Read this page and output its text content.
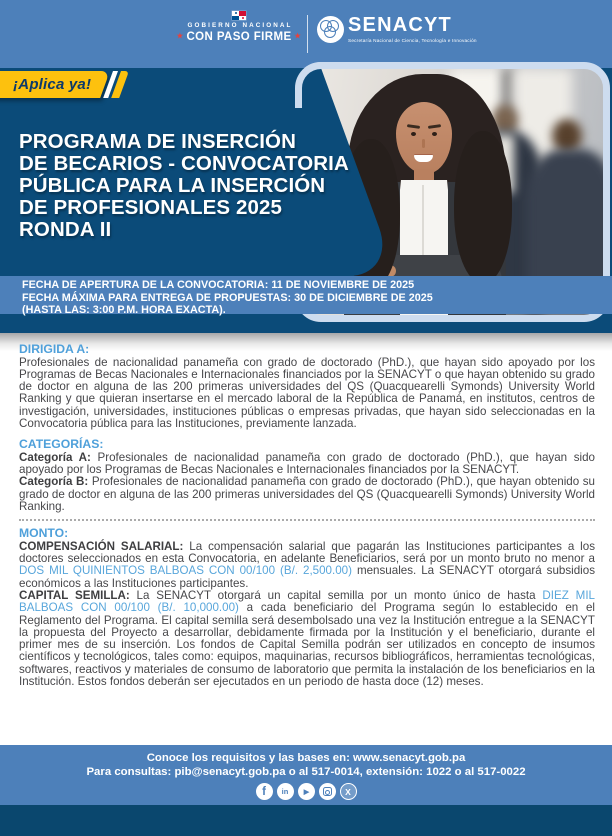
GOBIERNO NACIONAL
★ CON PASO FIRME ★
SENACYT
Secretaría Nacional de Ciencia, Tecnología e Innovación
¡Aplica ya!
PROGRAMA DE INSERCIÓN
DE BECARIOS - CONVOCATORIA
PÚBLICA PARA LA INSERCIÓN
DE PROFESIONALES 2025
RONDA II
FECHA DE APERTURA DE LA CONVOCATORIA: 11 DE NOVIEMBRE DE 2025
FECHA MÁXIMA PARA ENTREGA DE PROPUESTAS: 30 DE DICIEMBRE DE 2025
(HASTA LAS: 3:00 P.M. HORA EXACTA).
DIRIGIDA A:

Profesionales de nacionalidad panameña con grado de doctorado (PhD.), que hayan sido apoyado por los Programas de Becas Nacionales e Internacionales financiados por la SENACYT o que hayan obtenido su grado de doctor en alguna de las 200 primeras universidades del QS (Quacquearelli Symonds) University World Ranking y que quieran insertarse en el mercado laboral de la República de Panamá, en institutos, centros de investigación, universidades, instituciones públicas o empresas privadas, que hayan sido seleccionadas en la Convocatoria pública para las Instituciones, previamente lanzada.

CATEGORÍAS:

Categoría A: Profesionales de nacionalidad panameña con grado de doctorado (PhD.), que hayan sido apoyado por los Programas de Becas Nacionales e Internacionales financiados por la SENACYT.

Categoría B: Profesionales de nacionalidad panameña con grado de doctorado (PhD.), que hayan obtenido su grado de doctor en alguna de las 200 primeras universidades del QS (Quacquearelli Symonds) University World Ranking.

MONTO:

COMPENSACIÓN SALARIAL: La compensación salarial que pagarán las Instituciones participantes a los doctores seleccionados en esta Convocatoria, en adelante Beneficiarios, será por un monto bruto no menor a DOS MIL QUINIENTOS BALBOAS CON 00/100 (B/. 2,500.00) mensuales. La SENACYT otorgará subsidios económicos a las Instituciones participantes.

CAPITAL SEMILLA: La SENACYT otorgará un capital semilla por un monto único de hasta DIEZ MIL BALBOAS CON 00/100 (B/. 10,000.00) a cada beneficiario del Programa según lo establecido en el Reglamento del Programa. El capital semilla será desembolsado una vez la Institución entregue a la SENACYT la propuesta del Proyecto a desarrollar, debidamente firmada por la Institución y el beneficiario, durante el primer mes de su inserción. Los fondos de Capital Semilla podrán ser utilizados en concepto de insumos científicos y tecnológicos, tales como: equipos, maquinarias, recursos bibliográficos, herramientas tecnológicas, softwares, reactivos y materiales de consumo de laboratorio que permita la instalación de los beneficiarios en la Institución. Estos fondos deberán ser ejecutados en un periodo de hasta doce (12) meses.

Conoce los requisitos y las bases en: www.senacyt.gob.pa
Para consultas: pib@senacyt.gob.pa o al 517-0014, extensión: 1022 o al 517-0022
f in ▶	X
